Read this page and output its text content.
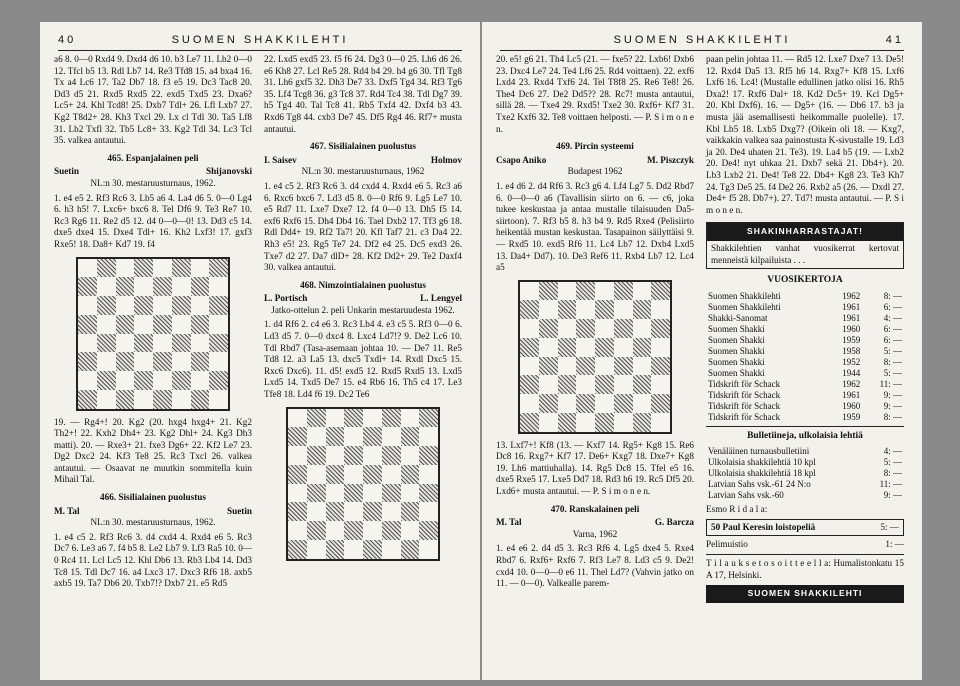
40	SUOMEN SHAKKILEHTI

a6 8. 0—0 Rxd4 9. Dxd4 d6 10. b3 Le7 11. Lb2 0—0 12. Tfcl b5 13. Rdl Lb7 14. Re3 Tfd8 15. a4 bxa4 16. Tx a4 Lc6 17. Ta2 Db7 18. f3 e5 19. Dc3 Tac8 20. Dd3 d5 21. Rxd5 Rxd5 22. exd5 Txd5 23. Dxa6? Lc5+ 24. Khl Tcd8! 25. Dxb7 Tdl+ 26. Lfl Lxb7 27. Kg2 T8d2+ 28. Kh3 Txcl 29. Lx cl Tdl 30. Ta5 Lf8 31. Lb2 Txfl 32. Tb5 Lc8+ 33. Kg2 Tdl 34. Lc3 Tcl 35. valkea antautui.

465. Espanjalainen peli
Suetin	Shijanovski
NL:n 30. mestaruusturnaus, 1962.

1. e4 e5 2. Rf3 Rc6 3. Lb5 a6 4. La4 d6 5. 0—0 Lg4 6. h3 h5! 7. Lxc6+ bxc6 8. Tel Df6 9. Te3 Re7 10. Rc3 Rg6 11. Re2 d5 12. d4 0—0—0! 13. Dd3 c5 14. dxe5 dxe4 15. Dxe4 Tdl+ 16. Kh2 Lxf3! 17. gxf3 Rxe5! 18. Da8+ Kd7 19. f4

19. — Rg4+! 20. Kg2 (20. hxg4 hxg4+ 21. Kg2 Th2+! 22. Kxh2 Dh4+ 23. Kg2 Dhl+ 24. Kg3 Dh3 matti). 20. — Rxe3+ 21. fxe3 Dg6+ 22. Kf2 Le7 23. Dg2 Dxc2 24. Kf3 Te8 25. Rc3 Txcl 26. valkea antautui. — Osaavat ne muutkin sommitella kuin Mihail Tal.

466. Sisilialainen puolustus
M. Tal	Suetin
NL:n 30. mestaruusturnaus, 1962.

1. e4 c5 2. Rf3 Rc6 3. d4 cxd4 4. Rxd4 e6 5. Rc3 Dc7 6. Le3 a6 7. f4 b5 8. Le2 Lb7 9. Lf3 Ra5 10. 0—0 Rc4 11. Lcl Lc5 12. Khl Db6 13. Rb3 Lb4 14. Dd3 Tc8 15. Tdl Dc7 16. a4 Lxc3 17. Dxc3 Rf6 18. axb5 axb5 19. Ta7 Db6 20. Txb7!? Dxb7 21. e5 Rd5

22. Lxd5 exd5 23. f5 f6 24. Dg3 0—0 25. Lh6 d6 26. e6 Kh8 27. Lcl Re5 28. Rd4 b4 29. h4 g6 30. Tfl Tg8 31. Lh6 gxf5 32. Dh3 De7 33. Dxf5 Tg4 34. Rf3 Tg6 35. Lf4 Tcg8 36. g3 Tc8 37. Rd4 Tc4 38. Tdl Dg7 39. h5 Tg4 40. Tal Tc8 41. Rb5 Txf4 42. Dxf4 b3 43. Rxd6 Tg8 44. cxb3 De7 45. Df5 Rg4 46. Rf7+ musta antautui.

467. Sisilialainen puolustus
I. Saisev	Holmov
NL:n 30. mestaruusturnaus, 1962

1. e4 c5 2. Rf3 Rc6 3. d4 cxd4 4. Rxd4 e6 5. Rc3 a6 6. Rxc6 bxc6 7. Ld3 d5 8. 0—0 Rf6 9. Lg5 Le7 10. e5 Rd7 11. Lxe7 Dxe7 12. f4 0—0 13. Dh5 f5 14. exf6 Rxf6 15. Dh4 Db4 16. Tael Dxb2 17. Tf3 g6 18. Rdl Dd4+ 19. Rf2 Ta7! 20. Kfl Taf7 21. c3 Da4 22. Rh3 e5! 23. Rg5 Te7 24. Df2 e4 25. Dc5 exd3 26. Txe7 d2 27. Da7 dlD+ 28. Kf2 Dd2+ 29. Te2 Daxf4 30. valkea antautui.

468. Nimzointialainen puolustus
L. Portisch	L. Lengyel
Jatko-ottelun 2. peli Unkarin mestaruudesta 1962.

1. d4 Rf6 2. c4 e6 3. Rc3 Lb4 4. e3 c5 5. Rf3 0—0 6. Ld3 d5 7. 0—0 dxc4 8. Lxc4 Ld7!? 9. De2 Lc6 10. Tdl Rbd7 (Tasa-asemaan johtaa 10. — De7 11. Re5 Td8 12. a3 La5 13. dxc5 Txdl+ 14. Rxdl Dxc5 15. Rxc6 Dxc6). 11. d5! exd5 12. Rxd5 Rxd5 13. Lxd5 Lxd5 14. Txd5 De7 15. e4 Rb6 16. Th5 c4 17. Le3 Tfe8 18. Ld4 f6 19. Dc2 Te6

SUOMEN SHAKKILEHTI	41

20. e5! g6 21. Th4 Lc5 (21. — fxe5? 22. Lxb6! Dxb6 23. Dxc4 Le7 24. Te4 Lf6 25. Rd4 voittaen). 22. exf6 Lxd4 23. Rxd4 Txf6 24. Tel T8f8 25. Re6 Te8! 26. The4 Dc6 27. De2 Dd5?? 28. Rc7! musta antautui, sillä 28. — Txe4 29. Rxd5! Txe2 30. Rxf6+ Kf7 31. Txe2 Kxf6 32. Te8 voittaen helposti. — P. S i m o n e n.

469. Pircin systeemi
Csapo Aniko	M. Piszczyk
Budapest 1962

1. e4 d6 2. d4 Rf6 3. Rc3 g6 4. Lf4 Lg7 5. Dd2 Rbd7 6. 0—0—0 a6 (Tavallisin siirto on 6. — c6, joka tukee keskustaa ja antaa mustalle tilaisuuden Da5-siirtoon). 7. Rf3 b5 8. h3 b4 9. Rd5 Rxe4 (Pelisiirto heikentää mustan keskustaa. Tasapainon säilyttäisi 9. — Rxd5 10. exd5 Rf6 11. Lc4 Lb7 12. Dxb4 Lxd5 13. Da4+ Dd7). 10. De3 Ref6 11. Rxb4 Lb7 12. Lc4 a5

13. Lxf7+! Kf8 (13. — Kxf7 14. Rg5+ Kg8 15. Re6 Dc8 16. Rxg7+ Kf7 17. De6+ Kxg7 18. Dxe7+ Kg8 19. Lh6 mattiuhalla). 14. Rg5 Dc8 15. Tfel e5 16. dxe5 Rxe5 17. Lxe5 Dd7 18. Rd3 h6 19. Rc5 Df5 20. Lxd6+ musta antautui. — P. S i m o n e n.

470. Ranskalainen peli
M. Tal	G. Barcza
Varna, 1962

1. e4 e6 2. d4 d5 3. Rc3 Rf6 4. Lg5 dxe4 5. Rxe4 Rbd7 6. Rxf6+ Rxf6 7. Rf3 Le7 8. Ld3 c5 9. De2! cxd4 10. 0—0—0 e6 11. Thel Ld7? (Vahvin jatko on 11. — 0—0). Valkealle parem-

paan pelin johtaa 11. — Rd5 12. Lxe7 Dxe7 13. De5! 12. Rxd4 Da5 13. Rf5 h6 14. Rxg7+ Kf8 15. Lxf6 Lxf6 16. Lc4! (Mustalle edullinen jatko olisi 16. Rh5 Dxa2! 17. Rxf6 Dal+ 18. Kd2 Dc5+ 19. Kcl Dg5+ 20. Kbl Dxf6). 16. — Dg5+ (16. — Db6 17. b3 ja musta jää asemallisesti heikommalle puolelle). 17. Kbl Lb5 18. Lxb5 Dxg7? (Oikein oli 18. — Kxg7, vaikkakin valkea saa painostusta K-sivustalle 19. Ld3 ja 20. De4 uhaten 21. Te3). 19. La4 b5 (19. — Lxb2 20. De4! nyt uhkaa 21. Dxb7 sekä 21. Db4+). 20. Lb3 Lxb2 21. De4! Te8 22. Db4+ Kg8 23. Te3 Kh7 24. Tg3 De5 25. f4 De2 26. Rxb2 a5 (26. — Dxdl 27. De4+ f5 28. Db7+). 27. Td7! musta antautui. — P. S i m o n e n.

SHAKINHARRASTAJAT!

Shakkilehtien vanhat vuosikerrat kertovat menneistä kilpailuista . . .

VUOSIKERTOJA
Suomen Shakkilehti	1962	8: —
Suomen Shakkilehti	1961	6: —
Shakki-Sanomat	1961	4: —
Suomen Shakki	1960	6: —
Suomen Shakki	1959	6: —
Suomen Shakki	1958	5: —
Suomen Shakki	1952	8: —
Suomen Shakki	1944	5: —
Tidskrift för Schack	1962	11: —
Tidskrift för Schack	1961	9: —
Tidskrift för Schack	1960	9: —
Tidskrift för Schack	1959	8: —
Bulletiineja, ulkolaisia lehtiä
Venäläinen turnausbulletiini	4: —
Ulkolaisia shakkilehtiä 10 kpl	5: —
Ulkolaisia shakkilehtiä 18 kpl	8: —
Latvian Sahs vsk.-61 24 N:o	11: —
Latvian Sahs vsk.-60	9: —
Esmo R i d a l a:
50 Paul Keresin loistopeliä	5: —
Pelimuistio	1: —

T i l a u k s e t o s o i t t e e l l a: Humalistonkatu 15 A 17, Helsinki.

SUOMEN SHAKKILEHTI
